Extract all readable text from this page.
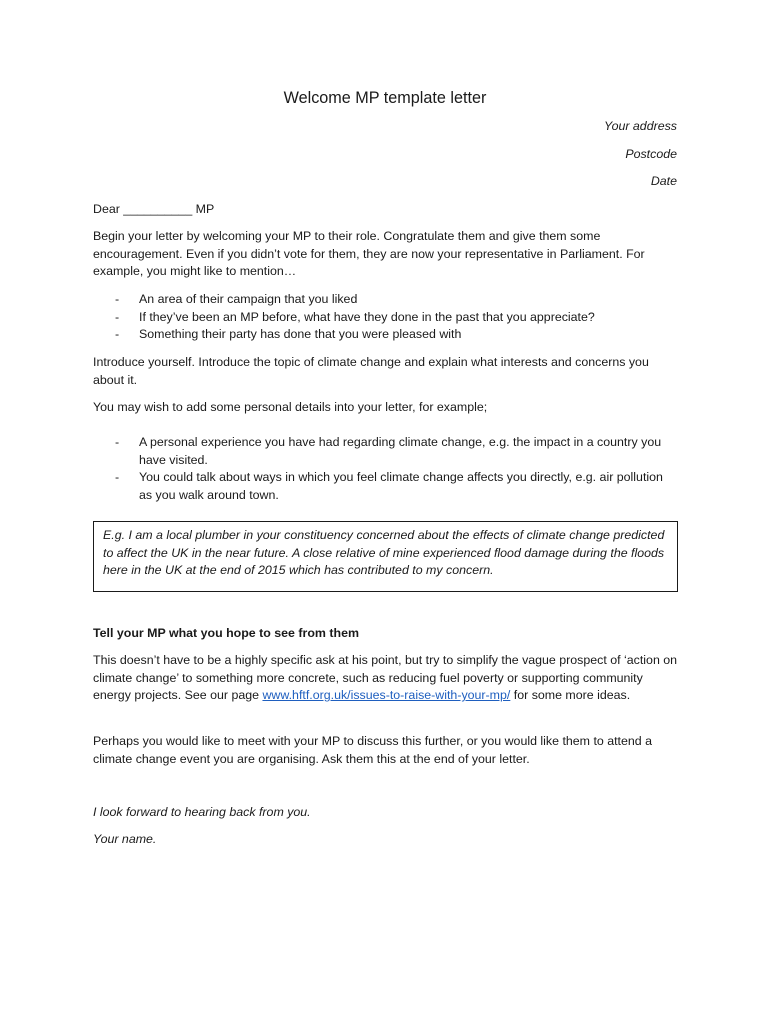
Welcome MP template letter
Your address
Postcode
Date

Dear __________ MP

Begin your letter by welcoming your MP to their role. Congratulate them and give them some encouragement. Even if you didn’t vote for them, they are now your representative in Parliament. For example, you might like to mention…

- An area of their campaign that you liked
- If they’ve been an MP before, what have they done in the past that you appreciate?
- Something their party has done that you were pleased with

Introduce yourself. Introduce the topic of climate change and explain what interests and concerns you about it.

You may wish to add some personal details into your letter, for example;

- A personal experience you have had regarding climate change, e.g. the impact in a country you have visited.
- You could talk about ways in which you feel climate change affects you directly, e.g. air pollution as you walk around town.
E.g. I am a local plumber in your constituency concerned about the effects of climate change predicted to affect the UK in the near future. A close relative of mine experienced flood damage during the floods here in the UK at the end of 2015 which has contributed to my concern.

Tell your MP what you hope to see from them

This doesn’t have to be a highly specific ask at his point, but try to simplify the vague prospect of ‘action on climate change’ to something more concrete, such as reducing fuel poverty or supporting community energy projects. See our page www.hftf.org.uk/issues-to-raise-with-your-mp/ for some more ideas.

Perhaps you would like to meet with your MP to discuss this further, or you would like them to attend a climate change event you are organising. Ask them this at the end of your letter.

I look forward to hearing back from you.

Your name.
